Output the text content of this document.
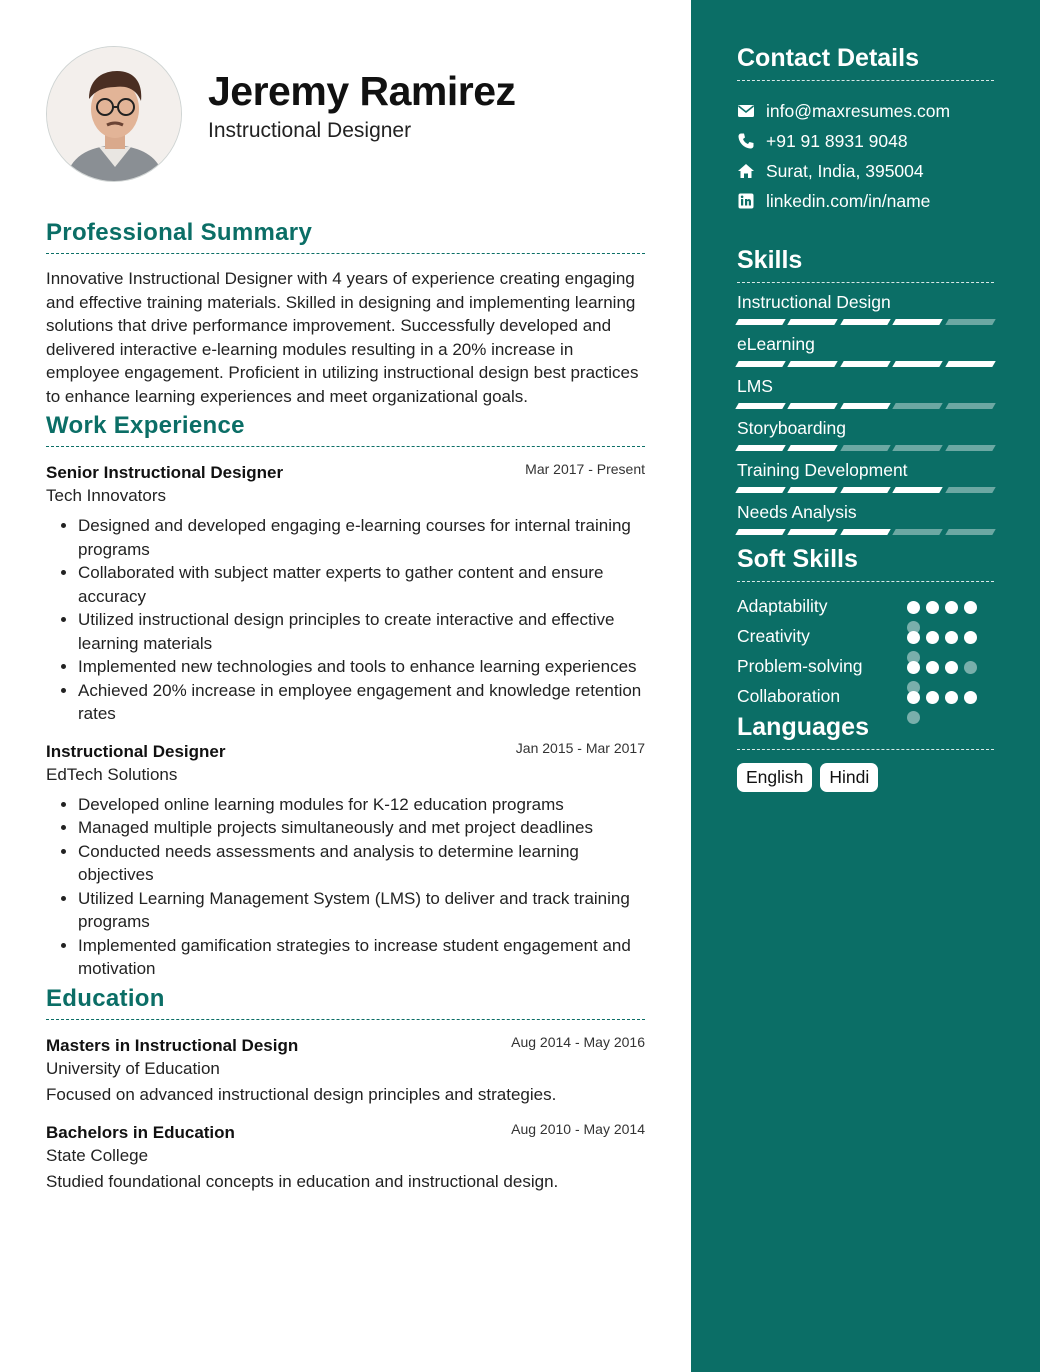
Jeremy Ramirez
Instructional Designer
Professional Summary
Innovative Instructional Designer with 4 years of experience creating engaging and effective training materials. Skilled in designing and implementing learning solutions that drive performance improvement. Successfully developed and delivered interactive e-learning modules resulting in a 20% increase in employee engagement. Proficient in utilizing instructional design best practices to enhance learning experiences and meet organizational goals.
Work Experience
Senior Instructional Designer	Mar 2017 - Present
Tech Innovators
• Designed and developed engaging e-learning courses for internal training programs
• Collaborated with subject matter experts to gather content and ensure accuracy
• Utilized instructional design principles to create interactive and effective learning materials
• Implemented new technologies and tools to enhance learning experiences
• Achieved 20% increase in employee engagement and knowledge retention rates
Instructional Designer	Jan 2015 - Mar 2017
EdTech Solutions
• Developed online learning modules for K-12 education programs
• Managed multiple projects simultaneously and met project deadlines
• Conducted needs assessments and analysis to determine learning objectives
• Utilized Learning Management System (LMS) to deliver and track training programs
• Implemented gamification strategies to increase student engagement and motivation
Education
Masters in Instructional Design	Aug 2014 - May 2016
University of Education
Focused on advanced instructional design principles and strategies.
Bachelors in Education	Aug 2010 - May 2014
State College
Studied foundational concepts in education and instructional design.
Contact Details
info@maxresumes.com
+91 91 8931 9048
Surat, India, 395004
linkedin.com/in/name
Skills
Instructional Design
eLearning
LMS
Storyboarding
Training Development
Needs Analysis
Soft Skills
Adaptability
Creativity
Problem-solving
Collaboration
Languages
English	Hindi
